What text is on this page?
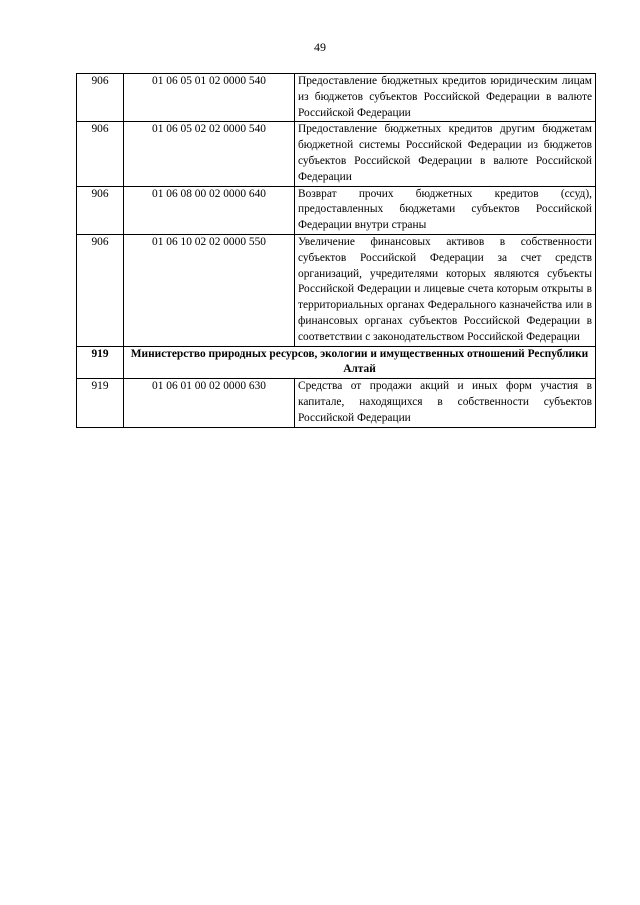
49
906	01 06 05 01 02 0000 540	Предоставление бюджетных кредитов юридическим лицам из бюджетов субъектов Российской Федерации в валюте Российской Федерации
906	01 06 05 02 02 0000 540	Предоставление бюджетных кредитов другим бюджетам бюджетной системы Российской Федерации из бюджетов субъектов Российской Федерации в валюте Российской Федерации
906	01 06 08 00 02 0000 640	Возврат прочих бюджетных кредитов (ссуд), предоставленных бюджетами субъектов Российской Федерации внутри страны
906	01 06 10 02 02 0000 550	Увеличение финансовых активов в собственности субъектов Российской Федерации за счет средств организаций, учредителями которых являются субъекты Российской Федерации и лицевые счета которым открыты в территориальных органах Федерального казначейства или в финансовых органах субъектов Российской Федерации в соответствии с законодательством Российской Федерации
919	Министерство природных ресурсов, экологии и имущественных отношений Республики Алтай	
919	01 06 01 00 02 0000 630	Средства от продажи акций и иных форм участия в капитале, находящихся в собственности субъектов Российской Федерации
